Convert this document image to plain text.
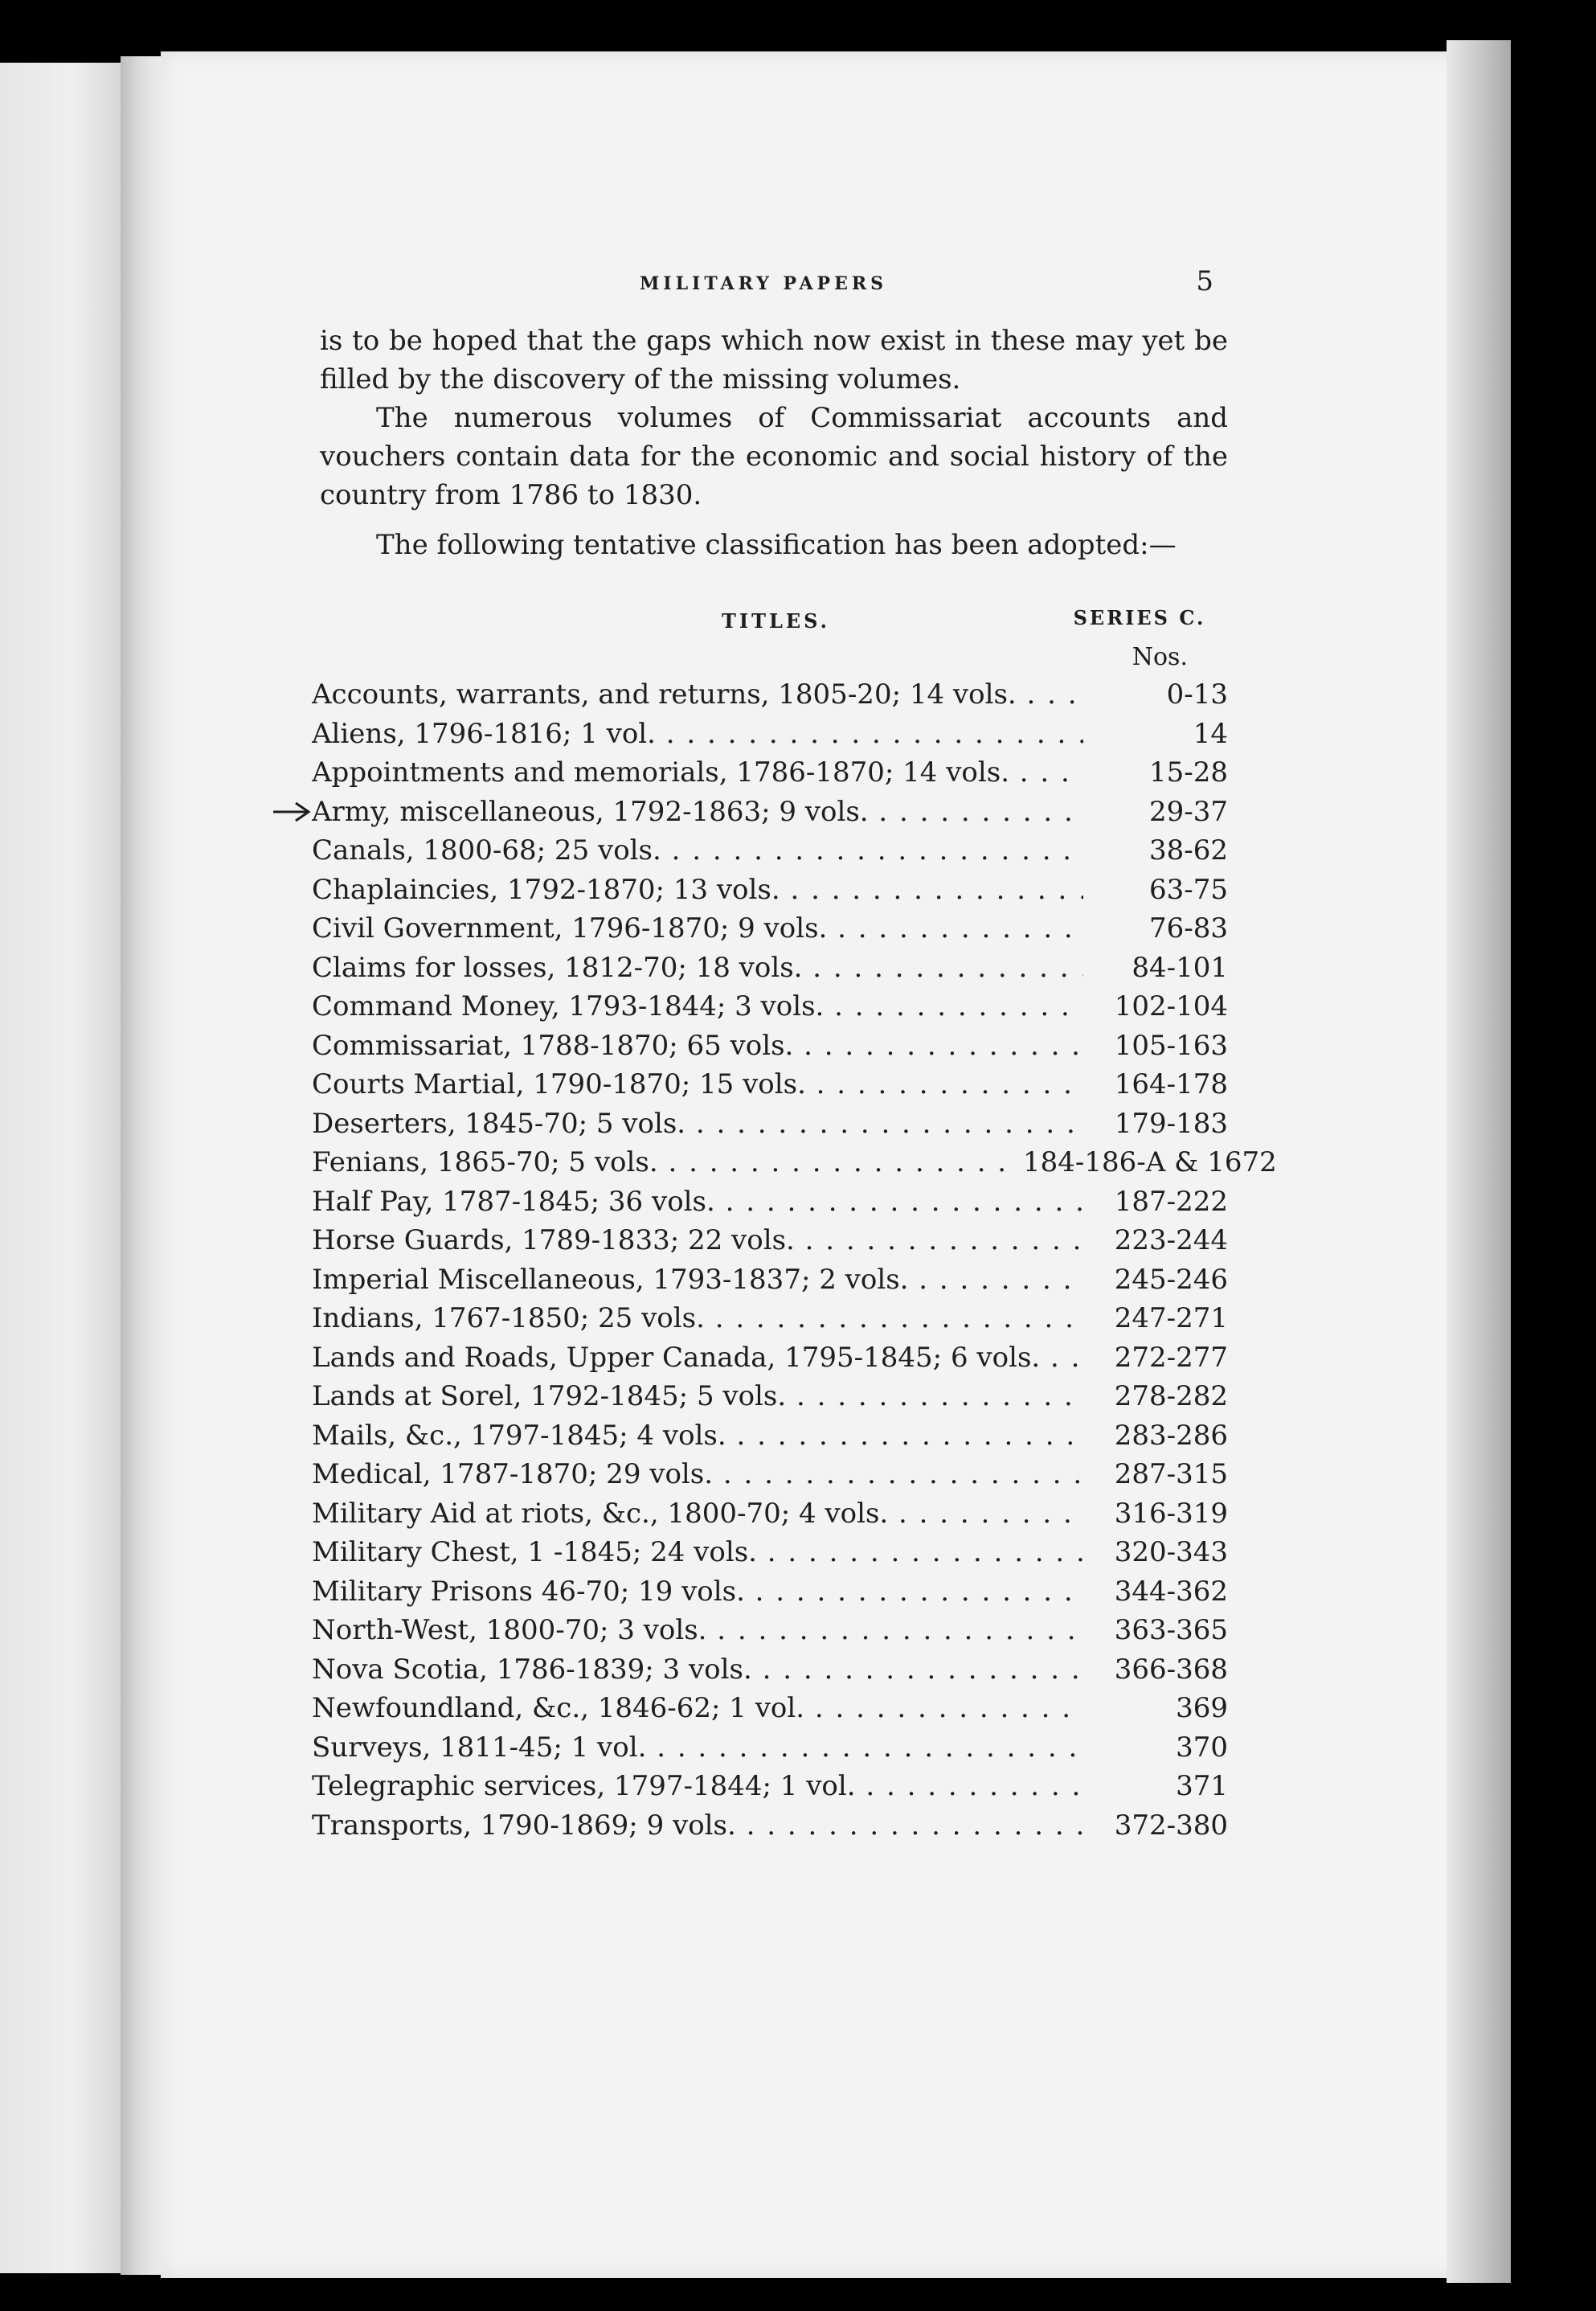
MILITARY PAPERS	5

is to be hoped that the gaps which now exist in these may yet be filled by the discovery of the missing volumes.

The numerous volumes of Commissariat accounts and vouchers contain data for the economic and social history of the country from 1786 to 1830.

The following tentative classification has been adopted:—

TITLES.	SERIES C.
Nos.
Accounts, warrants, and returns, 1805-20; 14 vols. . . .	0-13
Aliens, 1796-1816; 1 vol. . . .	14
Appointments and memorials, 1786-1870; 14 vols. . . .	15-28
Army, miscellaneous, 1792-1863; 9 vols. . . .	29-37
Canals, 1800-68; 25 vols. . . .	38-62
Chaplaincies, 1792-1870; 13 vols. . . .	63-75
Civil Government, 1796-1870; 9 vols. . . .	76-83
Claims for losses, 1812-70; 18 vols. . . .	84-101
Command Money, 1793-1844; 3 vols. . . .	102-104
Commissariat, 1788-1870; 65 vols. . . .	105-163
Courts Martial, 1790-1870; 15 vols. . . .	164-178
Deserters, 1845-70; 5 vols. . . .	179-183
Fenians, 1865-70; 5 vols. . . .	184-186-A & 1672
Half Pay, 1787-1845; 36 vols. . . .	187-222
Horse Guards, 1789-1833; 22 vols. . . .	223-244
Imperial Miscellaneous, 1793-1837; 2 vols. . . .	245-246
Indians, 1767-1850; 25 vols. . . .	247-271
Lands and Roads, Upper Canada, 1795-1845; 6 vols. . . .	272-277
Lands at Sorel, 1792-1845; 5 vols. . . .	278-282
Mails, &c., 1797-1845; 4 vols. . . .	283-286
Medical, 1787-1870; 29 vols. . . .	287-315
Military Aid at riots, &c., 1800-70; 4 vols. . . .	316-319
Military Chest, 1 -1845; 24 vols. . . .	320-343
Military Prisons 46-70; 19 vols. . . .	344-362
North-West, 1800-70; 3 vols. . . .	363-365
Nova Scotia, 1786-1839; 3 vols. . . .	366-368
Newfoundland, &c., 1846-62; 1 vol. . . .	369
Surveys, 1811-45; 1 vol. . . .	370
Telegraphic services, 1797-1844; 1 vol. . . .	371
Transports, 1790-1869; 9 vols. . . .	372-380
